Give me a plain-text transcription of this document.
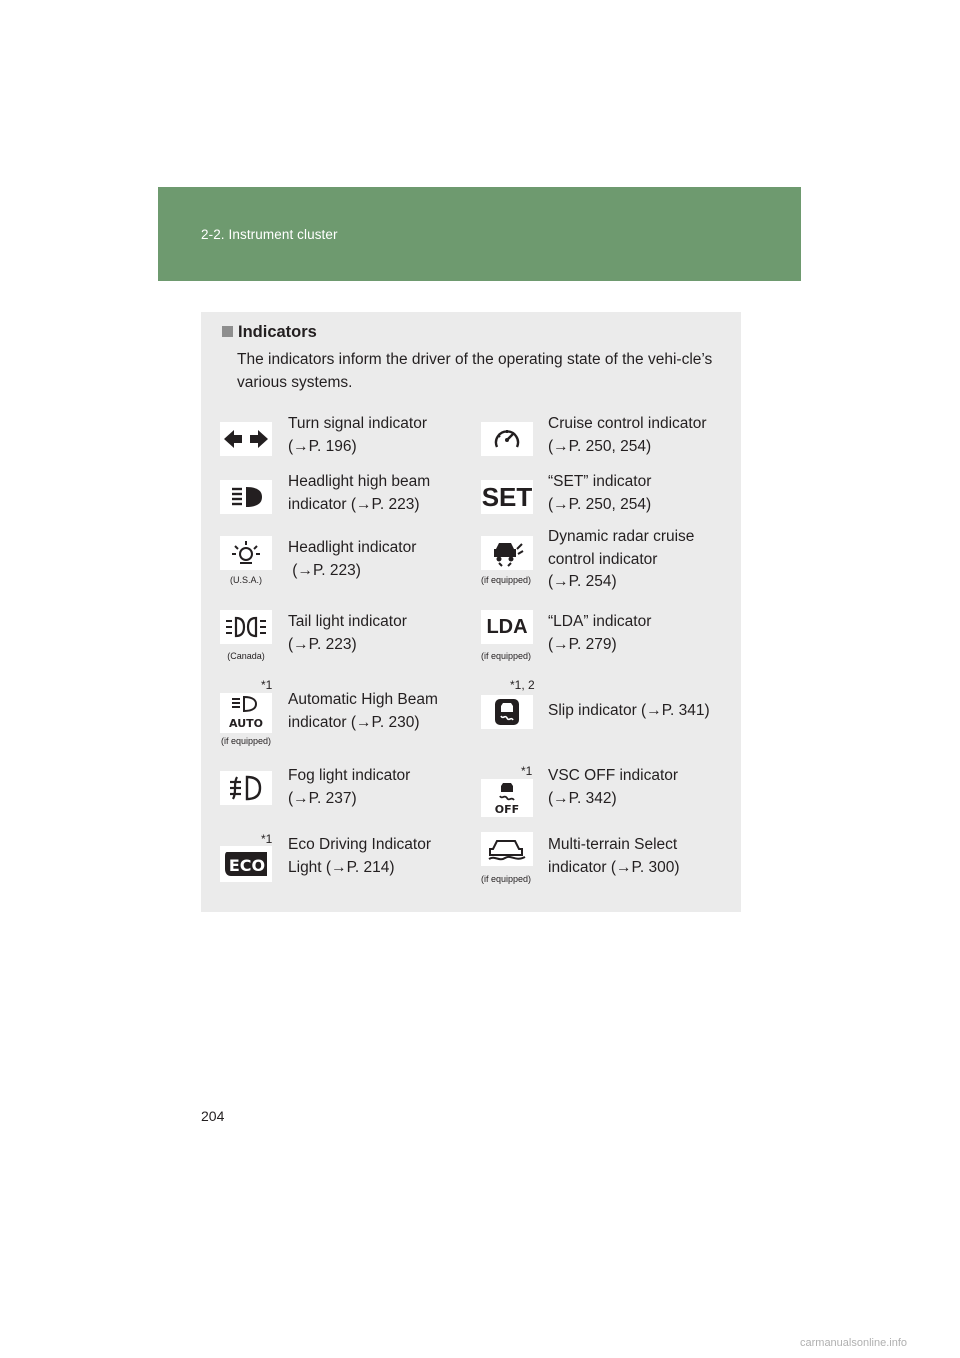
2-2. Instrument cluster
Indicators
The indicators inform the driver of the operating state of the vehi-cle’s various systems.
Turn signal indicator
(→P. 196)
Cruise control indicator
(→P. 250, 254)
Headlight high beam
indicator (→P. 223)	SET “SET” indicator
(→P. 250, 254)
(U.S.A.)
Headlight indicator
(→P. 223)
(if equipped)
Dynamic radar cruise
control indicator
(→P. 254)
(Canada)
Tail light indicator
(→P. 223)
LDA
(if equipped)
“LDA” indicator
(→P. 279)
*1
AUTO
(if equipped)
Automatic High Beam
indicator (→P. 230)
*1, 2
Slip indicator (→P. 341)
Fog light indicator
(→P. 237)
*1
OFF
VSC OFF indicator
(→P. 342)
*1
ECO
Eco Driving Indicator
Light (→P. 214)
(if equipped)
Multi-terrain Select
indicator (→P. 300)
204
carmanualsonline.info
